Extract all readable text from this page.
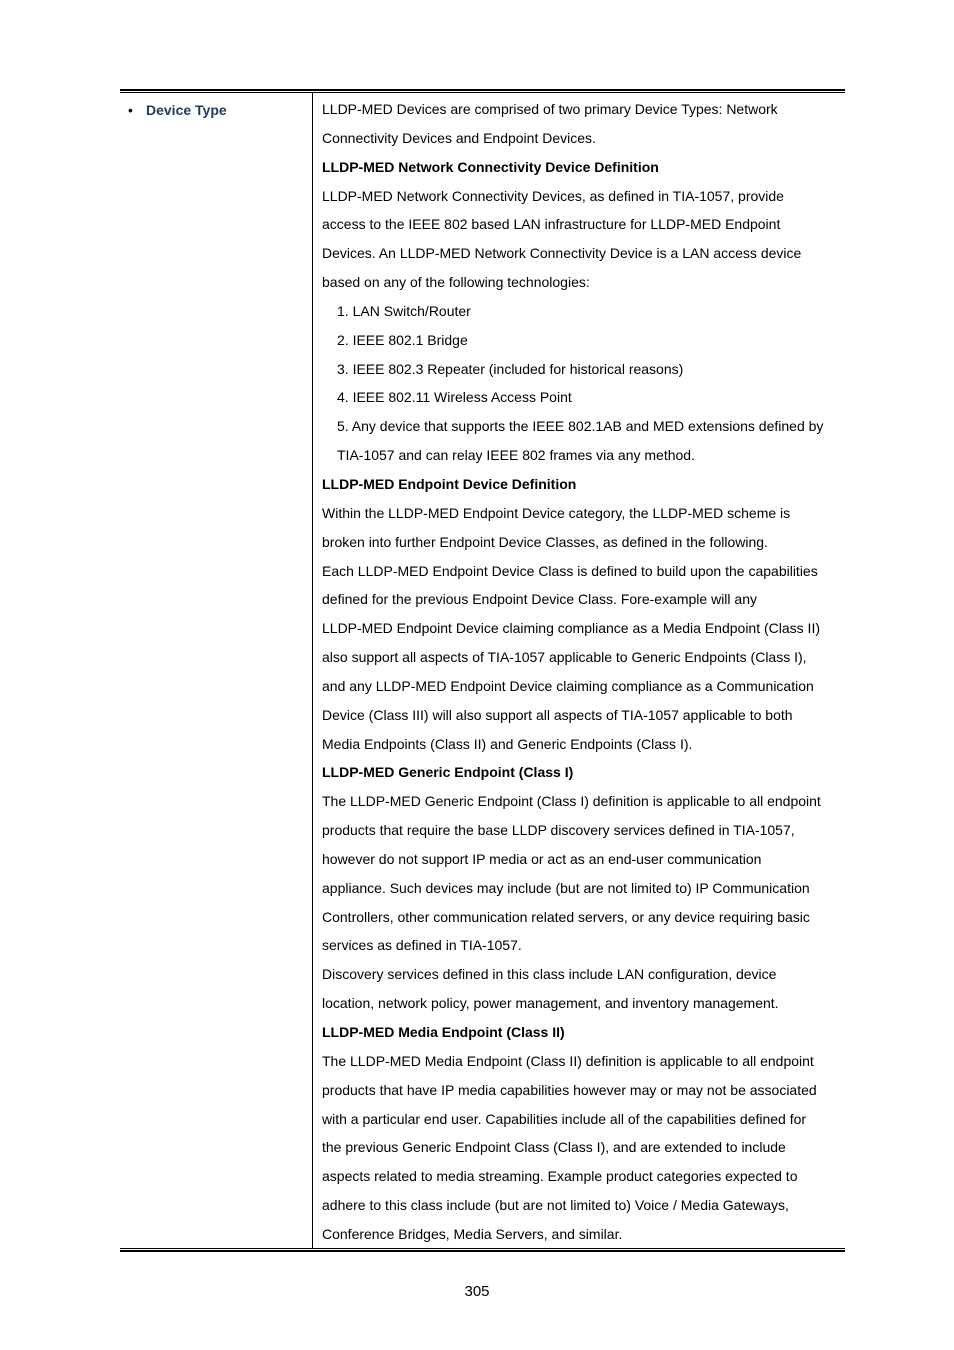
• Device Type	LLDP-MED Devices are comprised of two primary Device Types: Network
Connectivity Devices and Endpoint Devices.
LLDP-MED Network Connectivity Device Definition
LLDP-MED Network Connectivity Devices, as defined in TIA-1057, provide
access to the IEEE 802 based LAN infrastructure for LLDP-MED Endpoint
Devices. An LLDP-MED Network Connectivity Device is a LAN access device
based on any of the following technologies:
1. LAN Switch/Router
2. IEEE 802.1 Bridge
3. IEEE 802.3 Repeater (included for historical reasons)
4. IEEE 802.11 Wireless Access Point
5. Any device that supports the IEEE 802.1AB and MED extensions defined by
TIA-1057 and can relay IEEE 802 frames via any method.
LLDP-MED Endpoint Device Definition
Within the LLDP-MED Endpoint Device category, the LLDP-MED scheme is
broken into further Endpoint Device Classes, as defined in the following.
Each LLDP-MED Endpoint Device Class is defined to build upon the capabilities
defined for the previous Endpoint Device Class. Fore-example will any
LLDP-MED Endpoint Device claiming compliance as a Media Endpoint (Class II)
also support all aspects of TIA-1057 applicable to Generic Endpoints (Class I),
and any LLDP-MED Endpoint Device claiming compliance as a Communication
Device (Class III) will also support all aspects of TIA-1057 applicable to both
Media Endpoints (Class II) and Generic Endpoints (Class I).
LLDP-MED Generic Endpoint (Class I)
The LLDP-MED Generic Endpoint (Class I) definition is applicable to all endpoint
products that require the base LLDP discovery services defined in TIA-1057,
however do not support IP media or act as an end-user communication
appliance. Such devices may include (but are not limited to) IP Communication
Controllers, other communication related servers, or any device requiring basic
services as defined in TIA-1057.
Discovery services defined in this class include LAN configuration, device
location, network policy, power management, and inventory management.
LLDP-MED Media Endpoint (Class II)
The LLDP-MED Media Endpoint (Class II) definition is applicable to all endpoint
products that have IP media capabilities however may or may not be associated
with a particular end user. Capabilities include all of the capabilities defined for
the previous Generic Endpoint Class (Class I), and are extended to include
aspects related to media streaming. Example product categories expected to
adhere to this class include (but are not limited to) Voice / Media Gateways,
Conference Bridges, Media Servers, and similar.
305
